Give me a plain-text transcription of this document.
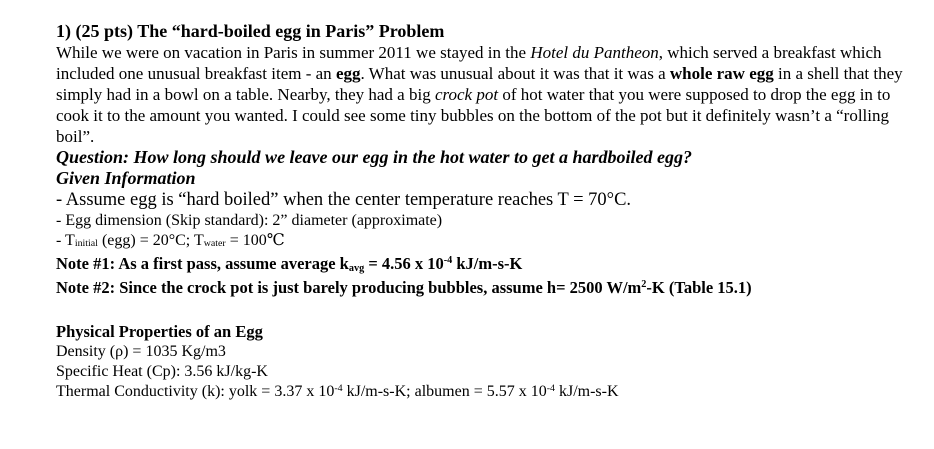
1) (25 pts) The “hard-boiled egg in Paris” Problem

While we were on vacation in Paris in summer 2011 we stayed in the Hotel du Pantheon, which served a breakfast which included one unusual breakfast item - an egg. What was unusual about it was that it was a whole raw egg in a shell that they simply had in a bowl on a table. Nearby, they had a big crock pot of hot water that you were supposed to drop the egg in to cook it to the amount you wanted. I could see some tiny bubbles on the bottom of the pot but it definitely wasn’t a “rolling boil”.

Question: How long should we leave our egg in the hot water to get a hardboiled egg?
Given Information
- Assume egg is “hard boiled” when the center temperature reaches T = 70°C.
- Egg dimension (Skip standard): 2” diameter (approximate)
- $T_{initial}$ (egg) = 20°C; $T_{water}$ = 100℃
Note #1: As a first pass, assume average $k_{avg} = 4.56$ x $10^{-4}$ kJ/m-s-K
Note #2: Since the crock pot is just barely producing bubbles, assume h= 2500 $W/m^2-K$ (Table 15.1)
Physical Properties of an Egg
Density (ρ) = 1035 Kg/m3
Specific Heat (Cp): 3.56 kJ/kg-K
Thermal Conductivity (k): yolk = 3.37 x $10^{-4}$ kJ/m-s-K; albumen = 5.57 x $10^{-4}$ kJ/m-s-K
